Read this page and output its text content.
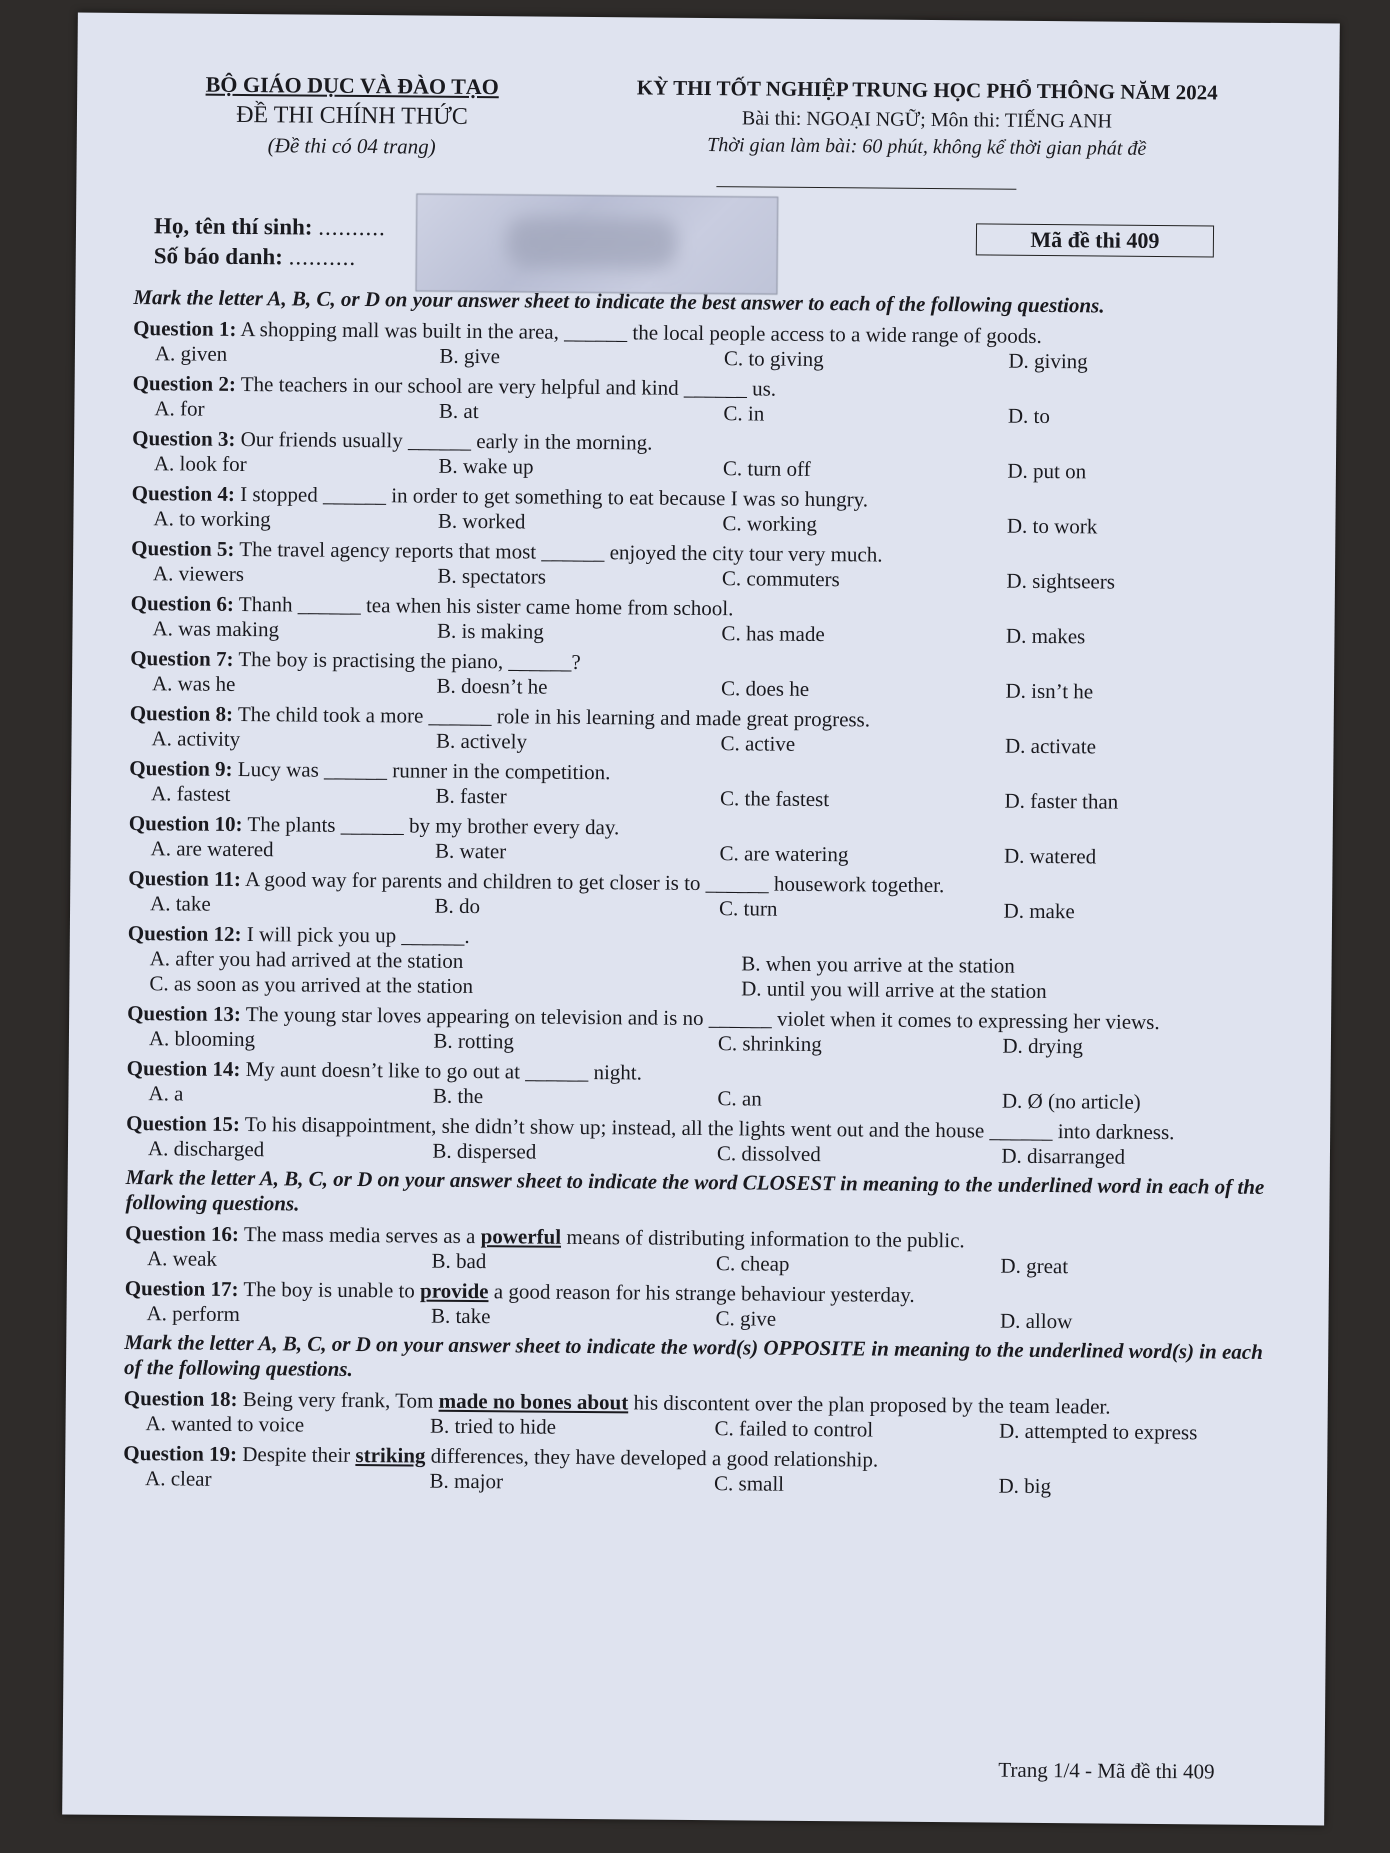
BỘ GIÁO DỤC VÀ ĐÀO TẠO
ĐỀ THI CHÍNH THỨC
(Đề thi có 04 trang)
KỲ THI TỐT NGHIỆP TRUNG HỌC PHỔ THÔNG NĂM 2024
Bài thi: NGOẠI NGỮ; Môn thi: TIẾNG ANH
Thời gian làm bài: 60 phút, không kể thời gian phát đề
Họ, tên thí sinh: ..........
Số báo danh: ..........
Mã đề thi 409
Mark the letter A, B, C, or D on your answer sheet to indicate the best answer to each of the following questions.
Question 1: A shopping mall was built in the area, ______ the local people access to a wide range of goods.
A. given	B. give	C. to giving	D. giving
Question 2: The teachers in our school are very helpful and kind ______ us.
A. for	B. at	C. in	D. to
Question 3: Our friends usually ______ early in the morning.
A. look for	B. wake up	C. turn off	D. put on
Question 4: I stopped ______ in order to get something to eat because I was so hungry.
A. to working	B. worked	C. working	D. to work
Question 5: The travel agency reports that most ______ enjoyed the city tour very much.
A. viewers	B. spectators	C. commuters	D. sightseers
Question 6: Thanh ______ tea when his sister came home from school.
A. was making	B. is making	C. has made	D. makes
Question 7: The boy is practising the piano, ______?
A. was he	B. doesn’t he	C. does he	D. isn’t he
Question 8: The child took a more ______ role in his learning and made great progress.
A. activity	B. actively	C. active	D. activate
Question 9: Lucy was ______ runner in the competition.
A. fastest	B. faster	C. the fastest	D. faster than
Question 10: The plants ______ by my brother every day.
A. are watered	B. water	C. are watering	D. watered
Question 11: A good way for parents and children to get closer is to ______ housework together.
A. take	B. do	C. turn	D. make
Question 12: I will pick you up ______.
A. after you had arrived at the station	B. when you arrive at the station
C. as soon as you arrived at the station	D. until you will arrive at the station
Question 13: The young star loves appearing on television and is no ______ violet when it comes to expressing her views.
A. blooming	B. rotting	C. shrinking	D. drying
Question 14: My aunt doesn’t like to go out at ______ night.
A. a	B. the	C. an	D. Ø (no article)
Question 15: To his disappointment, she didn’t show up; instead, all the lights went out and the house ______ into darkness.
A. discharged	B. dispersed	C. dissolved	D. disarranged
Mark the letter A, B, C, or D on your answer sheet to indicate the word CLOSEST in meaning to the underlined word in each of the following questions.
Question 16: The mass media serves as a powerful means of distributing information to the public.
A. weak	B. bad	C. cheap	D. great
Question 17: The boy is unable to provide a good reason for his strange behaviour yesterday.
A. perform	B. take	C. give	D. allow
Mark the letter A, B, C, or D on your answer sheet to indicate the word(s) OPPOSITE in meaning to the underlined word(s) in each of the following questions.
Question 18: Being very frank, Tom made no bones about his discontent over the plan proposed by the team leader.
A. wanted to voice	B. tried to hide	C. failed to control	D. attempted to express
Question 19: Despite their striking differences, they have developed a good relationship.
A. clear	B. major	C. small	D. big
Trang 1/4 - Mã đề thi 409
